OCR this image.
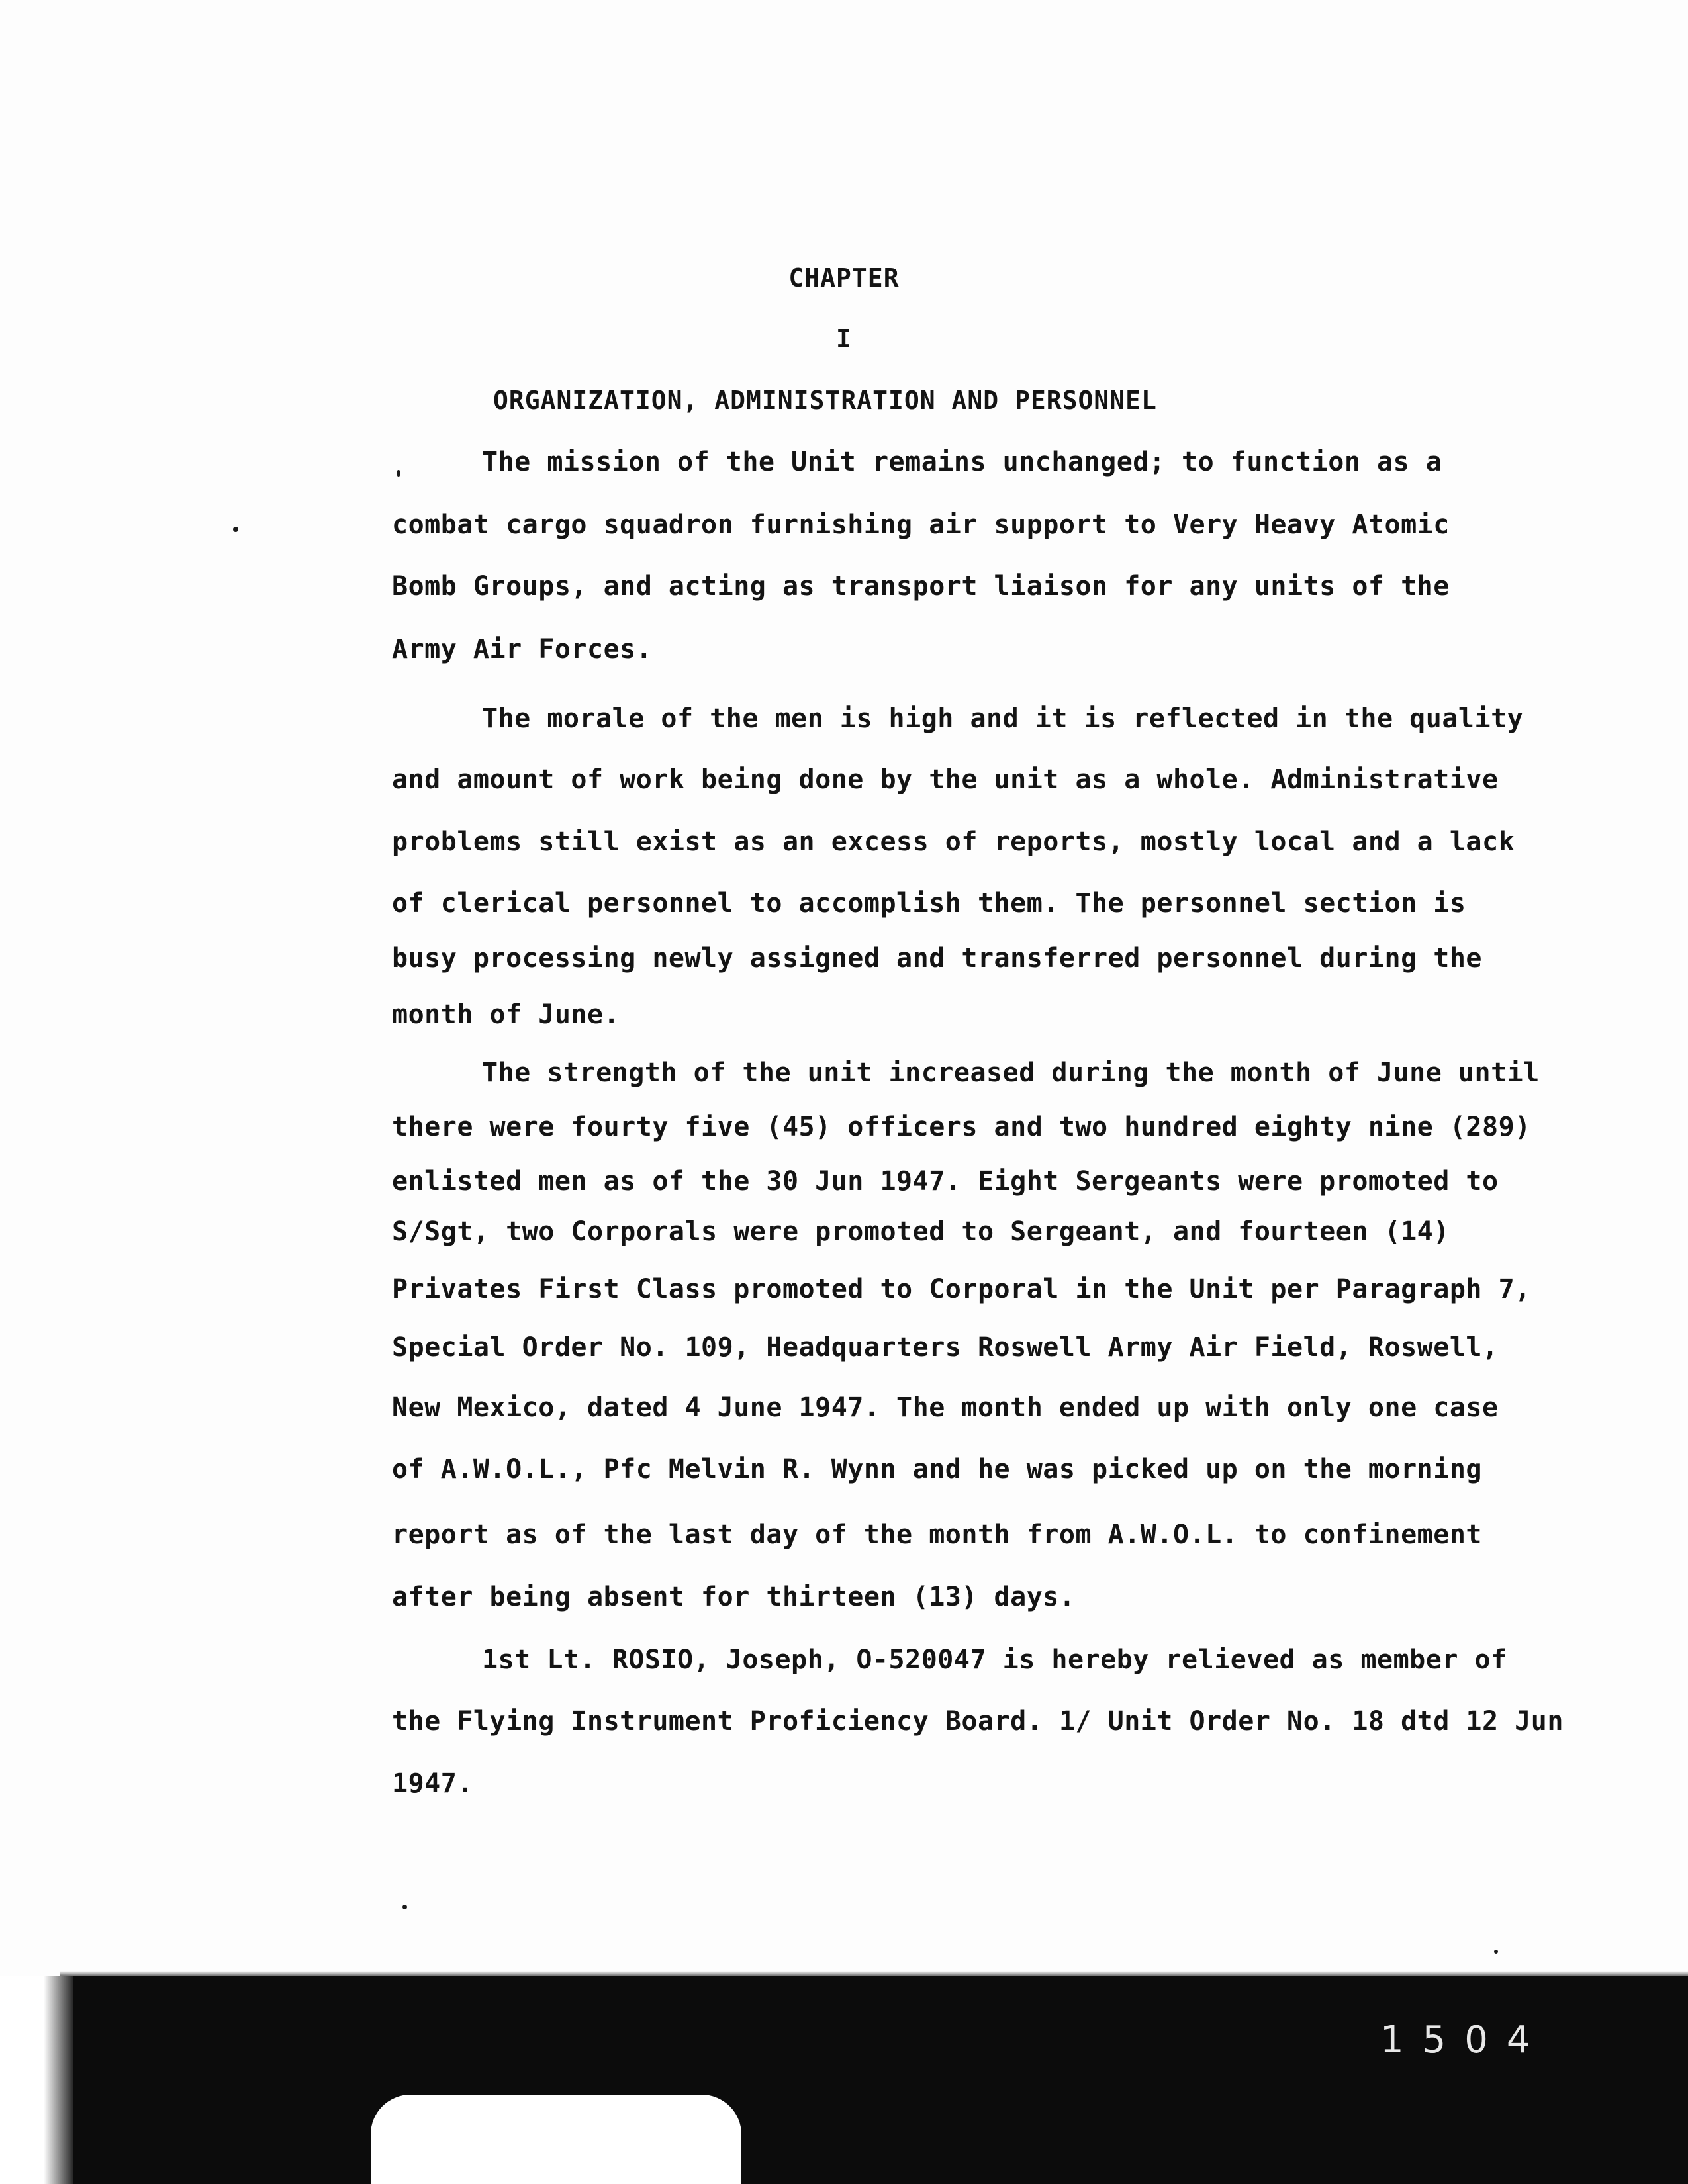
CHAPTER
I
ORGANIZATION, ADMINISTRATION AND PERSONNEL
The mission of the Unit remains unchanged; to function as a
combat cargo squadron furnishing air support to Very Heavy Atomic
Bomb Groups, and acting as transport liaison for any units of the
Army Air Forces.
The morale of the men is high and it is reflected in the quality
and amount of work being done by the unit as a whole. Administrative
problems still exist as an excess of reports, mostly local and a lack
of clerical personnel to accomplish them. The personnel section is
busy processing newly assigned and transferred personnel during the
month of June.
The strength of the unit increased during the month of June until
there were fourty five (45) officers and two hundred eighty nine (289)
enlisted men as of the 30 Jun 1947. Eight Sergeants were promoted to
S/Sgt, two Corporals were promoted to Sergeant, and fourteen (14)
Privates First Class promoted to Corporal in the Unit per Paragraph 7,
Special Order No. 109, Headquarters Roswell Army Air Field, Roswell,
New Mexico, dated 4 June 1947. The month ended up with only one case
of A.W.O.L., Pfc Melvin R. Wynn and he was picked up on the morning
report as of the last day of the month from A.W.O.L. to confinement
after being absent for thirteen (13) days.
1st Lt. ROSIO, Joseph, O-520047 is hereby relieved as member of
the Flying Instrument Proficiency Board. 1/ Unit Order No. 18 dtd 12 Jun
1947.
1504
